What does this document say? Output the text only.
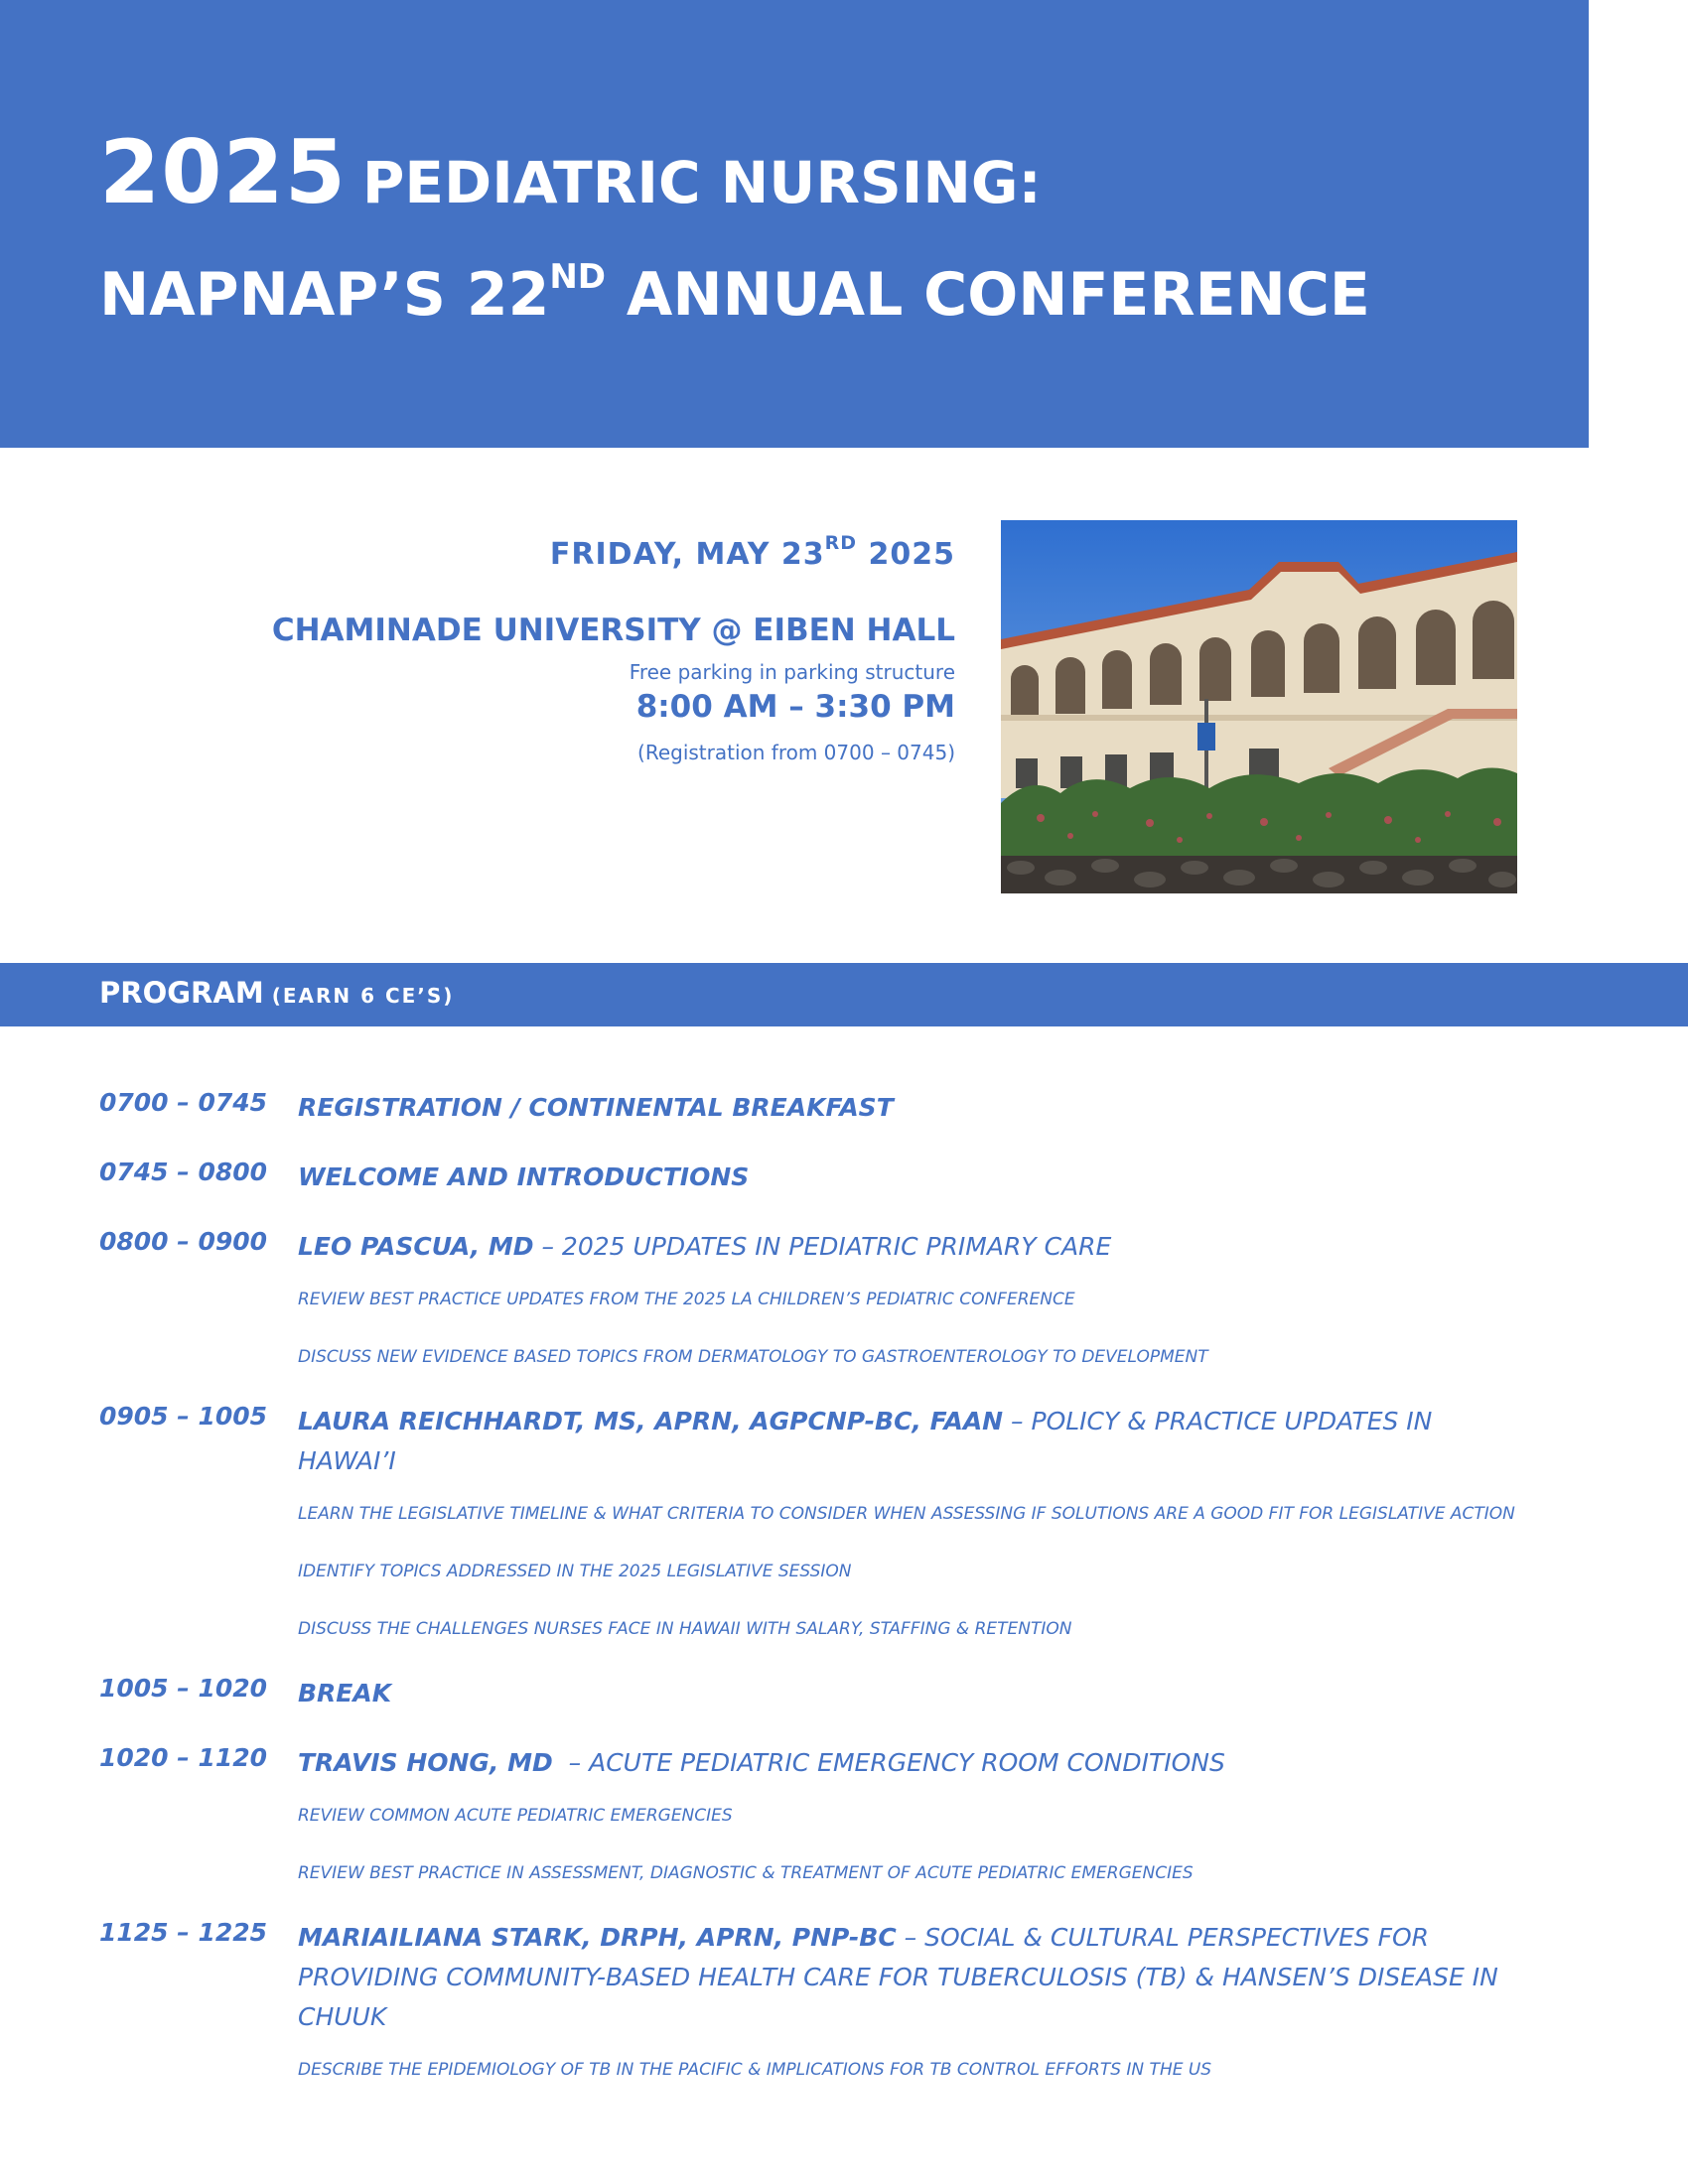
2025 PEDIATRIC NURSING:
NAPNAP’S 22ND ANNUAL CONFERENCE
FRIDAY, MAY 23RD 2025
CHAMINADE UNIVERSITY @ EIBEN HALL
Free parking in parking structure
8:00 AM – 3:30 PM
(Registration from 0700 – 0745)
PROGRAM (EARN 6 CE’S)
0700 – 0745	REGISTRATION / CONTINENTAL BREAKFAST
0745 – 0800	WELCOME AND INTRODUCTIONS
0800 – 0900	LEO PASCUA, MD – 2025 UPDATES IN PEDIATRIC PRIMARY CARE
REVIEW BEST PRACTICE UPDATES FROM THE 2025 LA CHILDREN’S PEDIATRIC CONFERENCE
DISCUSS NEW EVIDENCE BASED TOPICS FROM DERMATOLOGY TO GASTROENTEROLOGY TO DEVELOPMENT
0905 – 1005	LAURA REICHHARDT, MS, APRN, AGPCNP-BC, FAAN – POLICY & PRACTICE UPDATES IN HAWAI’I
LEARN THE LEGISLATIVE TIMELINE & WHAT CRITERIA TO CONSIDER WHEN ASSESSING IF SOLUTIONS ARE A GOOD FIT FOR LEGISLATIVE ACTION
IDENTIFY TOPICS ADDRESSED IN THE 2025 LEGISLATIVE SESSION
DISCUSS THE CHALLENGES NURSES FACE IN HAWAII WITH SALARY, STAFFING & RETENTION
1005 – 1020	BREAK
1020 – 1120	TRAVIS HONG, MD  – ACUTE PEDIATRIC EMERGENCY ROOM CONDITIONS
REVIEW COMMON ACUTE PEDIATRIC EMERGENCIES
REVIEW BEST PRACTICE IN ASSESSMENT, DIAGNOSTIC & TREATMENT OF ACUTE PEDIATRIC EMERGENCIES
1125 – 1225	MARIAILIANA STARK, DRPH, APRN, PNP-BC – SOCIAL & CULTURAL PERSPECTIVES FOR PROVIDING COMMUNITY-BASED HEALTH CARE FOR TUBERCULOSIS (TB) & HANSEN’S DISEASE IN CHUUK
DESCRIBE THE EPIDEMIOLOGY OF TB IN THE PACIFIC & IMPLICATIONS FOR TB CONTROL EFFORTS IN THE US
